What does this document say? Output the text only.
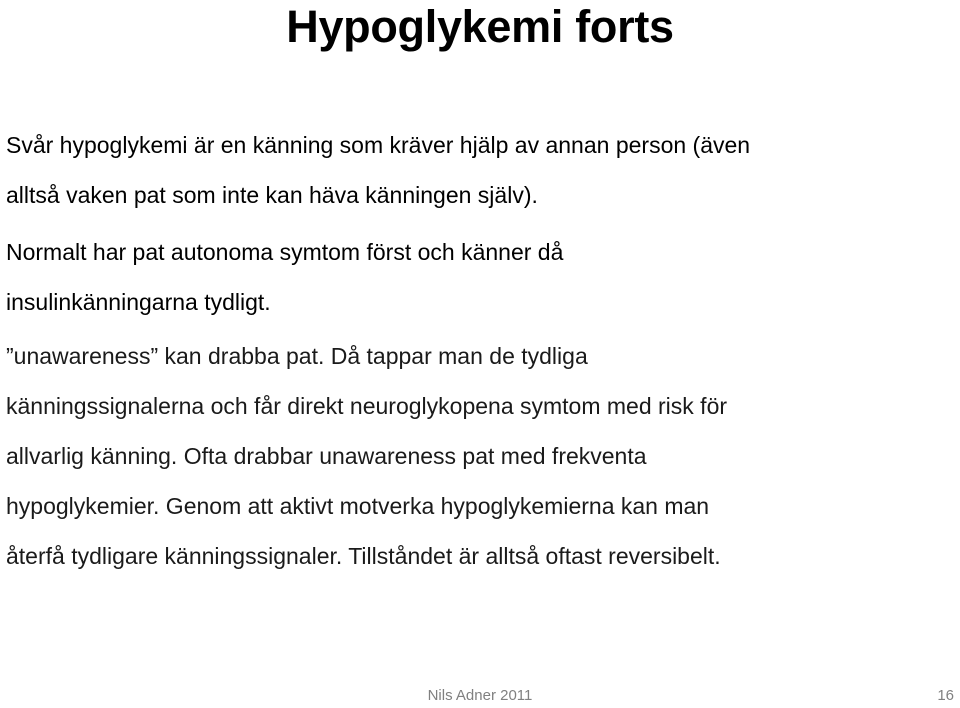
Hypoglykemi forts
Svår hypoglykemi är en känning som kräver hjälp av annan person (även
alltså vaken pat som inte kan häva känningen själv).
Normalt har pat autonoma symtom först och känner då
insulinkänningarna tydligt.
”unawareness” kan drabba pat. Då tappar man de tydliga
känningssignalerna och får direkt neuroglykopena symtom med risk för
allvarlig känning. Ofta drabbar unawareness pat med frekventa
hypoglykemier. Genom att aktivt motverka hypoglykemierna kan man
återfå tydligare känningssignaler. Tillståndet är alltså oftast reversibelt.
Nils Adner 2011	16
